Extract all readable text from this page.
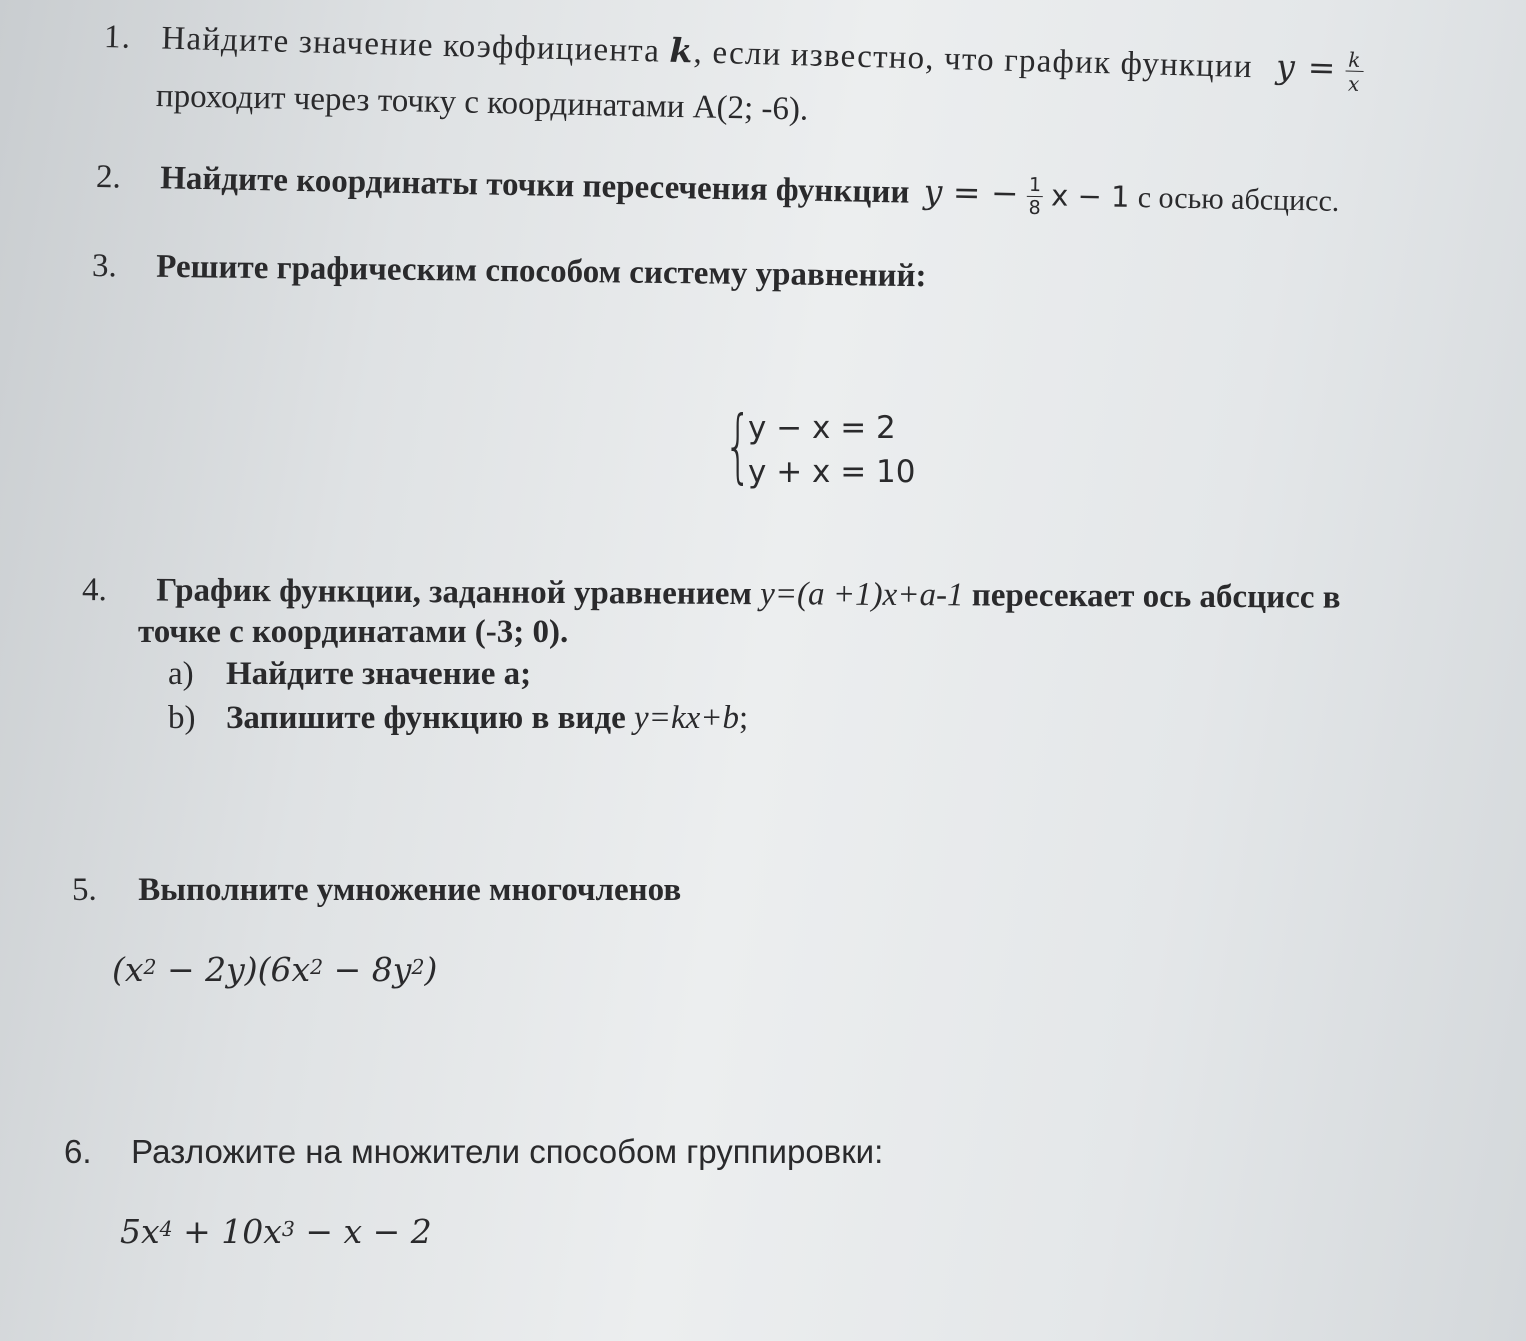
1. Найдите значение коэффициента k, если известно, что график функции $y = \frac{k}{x}$
проходит через точку с координатами А(2; -6).
2. Найдите координаты точки пересечения функции y = − $\frac{1}{8}$ x − 1 с осью абсцисс.
3. Решите графическим способом систему уравнений:
{
y − x = 2
y + x = 10
4. График функции, заданной уравнением y=(a +1)x+a-1 пересекает ось абсцисс в
точке с координатами (-3; 0).
a) Найдите значение а;
b) Запишите функцию в виде y=kx+b;
5. Выполните умножение многочленов
$(x^2 - 2y)(6x^2 - 8y^2)$
6. Разложите на множители способом группировки:
$5x^4 + 10x^3 - x - 2$
